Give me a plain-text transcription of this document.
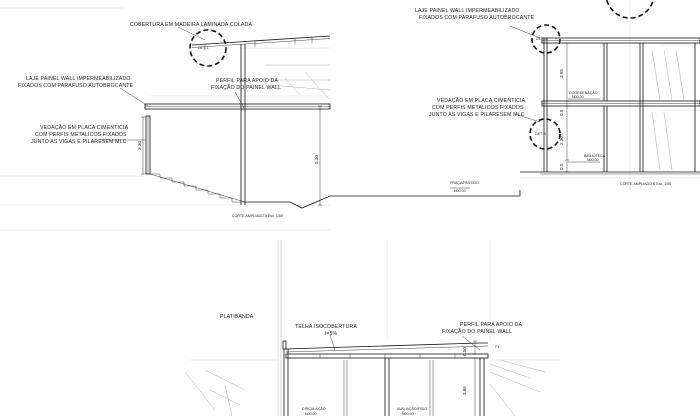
COBERTURA EM MADEIRA LAMINADA COLADA
LAJE PAINEL WALL IMPERMEABILIZADO
FIXADOS COM PARAFUSO AUTOBROCANTE
PERFIL PARA APOIO DA
FIXAÇÃO DO PAINEL WALL
VEDAÇÃO EM PLACA CIMENTICIA
COM PERFIS METALICOS FIXADOS
JUNTO AS VIGAS E PILARESEM MLC
DET. 1
3.30
5.30
CORTE AMPLIADO A Esc. 1/50
LAJE PAINEL WALL IMPERMEABILIZADO
FIXADOS COM PARAFUSO AUTOBROCANTE
VEDAÇÃO EM PLACA CIMENTICIA
COM PERFIS METALICOS FIXADOS
JUNTO AS VIGAS E PILARESEM MLC
DET. 2
DET. 3
3.65
0.5
2.30
0.5
COORDENAÇÃO
N00.00
BIBLIOTECA
N00.00
PRAÇA/PASSEIO
N00.00
CORTE AMPLIADO B Esc. 1/50
PLATIBANDA
TELHA ISOCOBERTURA
i=5%
PERFIL PARA APOIO DA
FIXAÇÃO DO PAINEL WALL
0.50
3.65
F1
CIRCULAÇÃO
N00.00
AVALIAÇÃO/FISIO
N00.00
